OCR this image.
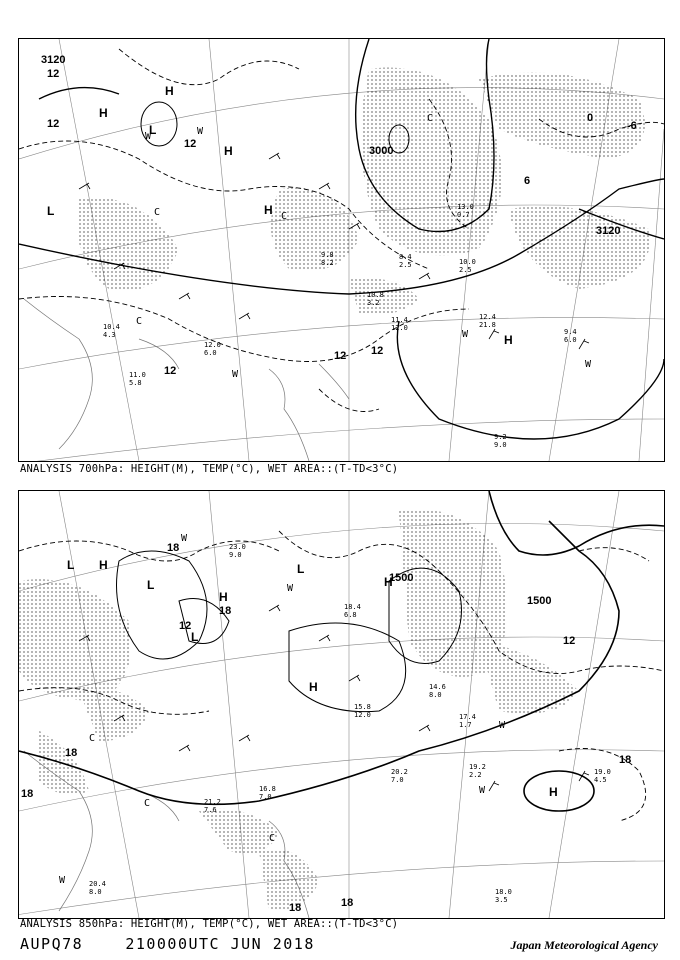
3120
3000
3120
12
12
12
12 12
12
0
-6
6
H
H
H
H
H
L
L	C
C
C
C
W	W
W
W
W
12.4
21.8
9.4
6.0
11.4
12.0
10.8
3.2
9.2
9.0
11.0
5.8
12.0
6.0
10.4
4.3
8.4
2.5	10.0
2.5
9.8
8.2
13.0
0.7
ANALYSIS 700hPa: HEIGHT(M), TEMP(°C), WET AREA::(T-TD<3°C)
1500
1500
18
18
18
18
12
12
18
18	18
H
H
H
H
H
L
L
L
L
C
C
C
W
W
W
W
W
19.2
2.2
18.0
3.5
20.2
7.0
15.8
12.0	17.4
1.7
21.2
7.6
16.8
7.0
20.4
8.0
19.0
4.5
14.6
8.0
23.0
9.0
18.4
6.8
ANALYSIS 850hPa: HEIGHT(M), TEMP(°C), WET AREA::(T-TD<3°C)
AUPQ78	210000UTC JUN 2018	Japan Meteorological Agency
